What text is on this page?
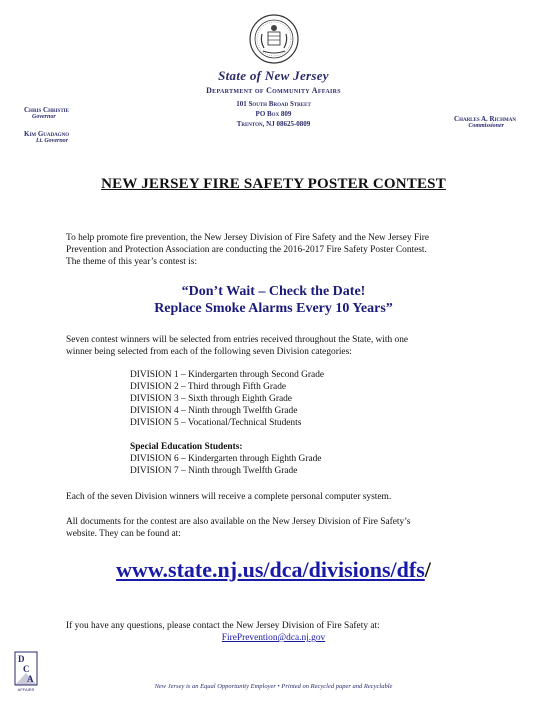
State of New Jersey
Department of Community Affairs
101 South Broad Street
PO Box 809
Trenton, NJ 08625-0809
Chris Christie
Governor
Kim Guadagno
Lt. Governor
Charles A. Richman
Commissioner
NEW JERSEY FIRE SAFETY POSTER CONTEST
To help promote fire prevention, the New Jersey Division of Fire Safety and the New Jersey Fire
Prevention and Protection Association are conducting the 2016-2017 Fire Safety Poster Contest.
The theme of this year’s contest is:
“Don’t Wait – Check the Date!
Replace Smoke Alarms Every 10 Years”
Seven contest winners will be selected from entries received throughout the State, with one
winner being selected from each of the following seven Division categories:
DIVISION 1 – Kindergarten through Second Grade
DIVISION 2 – Third through Fifth Grade
DIVISION 3 – Sixth through Eighth Grade
DIVISION 4 – Ninth through Twelfth Grade
DIVISION 5 – Vocational/Technical Students
Special Education Students:
DIVISION 6 – Kindergarten through Eighth Grade
DIVISION 7 – Ninth through Twelfth Grade
Each of the seven Division winners will receive a complete personal computer system.
All documents for the contest are also available on the New Jersey Division of Fire Safety’s
website. They can be found at:
www.state.nj.us/dca/divisions/dfs/
If you have any questions, please contact the New Jersey Division of Fire Safety at:
FirePrevention@dca.nj.gov
D
C
A
AFFAIRS	New Jersey is an Equal Opportunity Employer • Printed on Recycled paper and Recyclable
